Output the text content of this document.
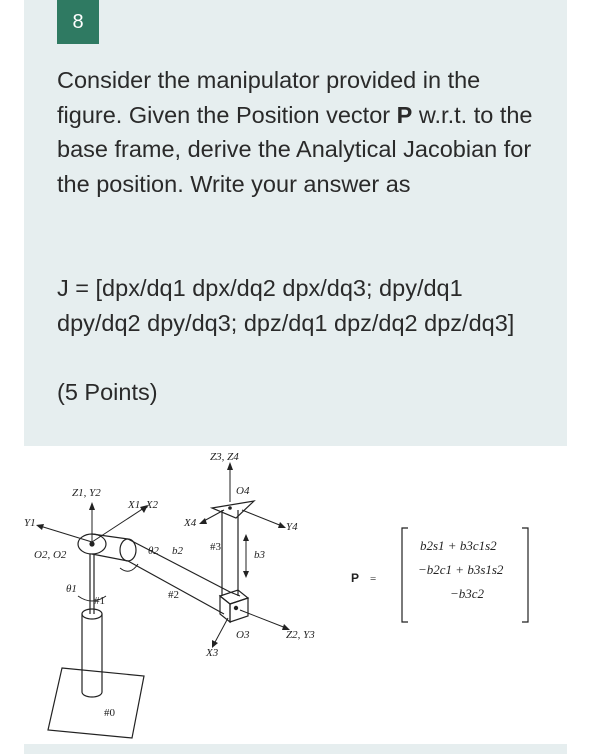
8

Consider the manipulator provided in the figure. Given the Position vector P w.r.t. to the base frame, derive the Analytical Jacobian for the position. Write your answer as

J = [dpx/dq1 dpx/dq2 dpx/dq3; dpy/dq1 dpy/dq2 dpy/dq3; dpz/dq1 dpz/dq2 dpz/dq3]

(5 Points)
Z3, Z4
O4
Z1, Y2
X1, X2
X4	Y4
Y1
O2, O2	θ2 b2 #3
b3
θ1
#1	#2
O3	Z2, Y3
X3
#0
P =
b2s1 + b3c1s2
−b2c1 + b3s1s2
−b3c2
